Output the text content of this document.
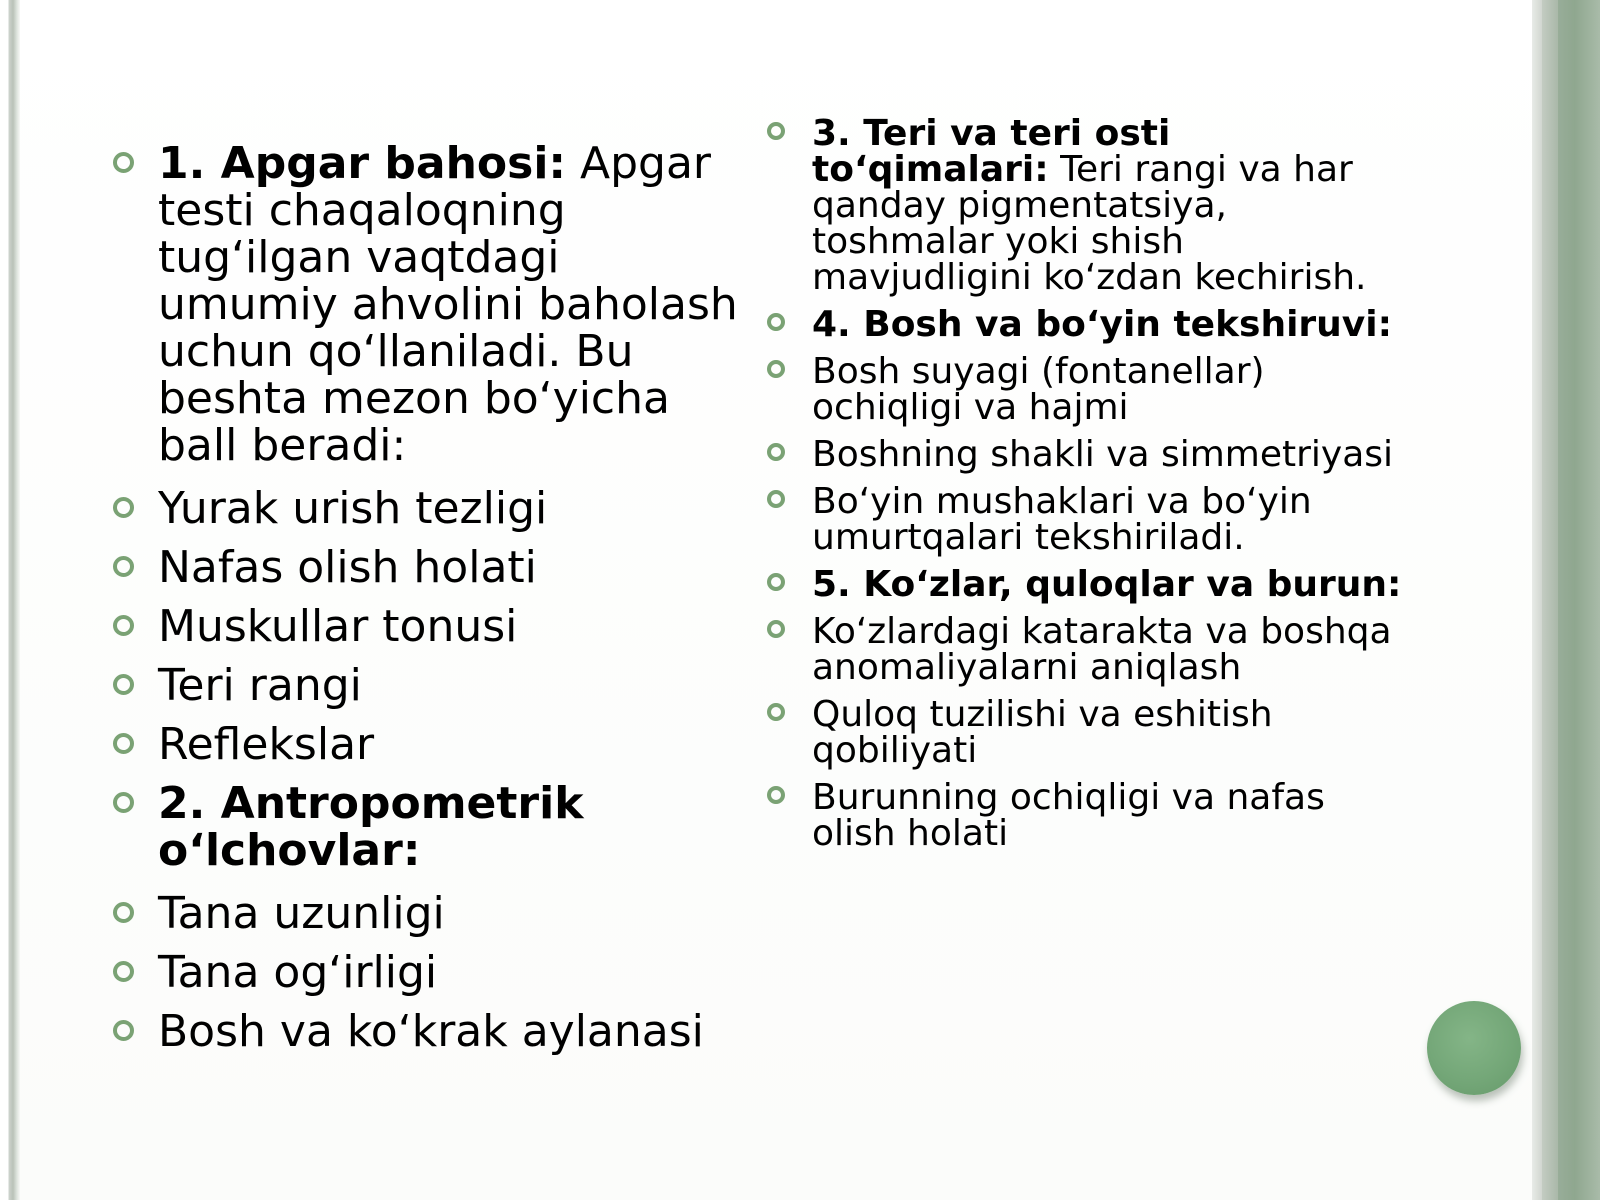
1. Apgar bahosi: Apgar testi chaqaloqning tug‘ilgan vaqtdagi umumiy ahvolini baholash uchun qo‘llaniladi. Bu beshta mezon bo‘yicha ball beradi:
Yurak urish tezligi
Nafas olish holati
Muskullar tonusi
Teri rangi
Reflekslar
2. Antropometrik o‘lchovlar:
Tana uzunligi
Tana og‘irligi
Bosh va ko‘krak aylanasi
3. Teri va teri osti to‘qimalari: Teri rangi va har qanday pigmentatsiya, toshmalar yoki shish mavjudligini ko‘zdan kechirish.
4. Bosh va bo‘yin tekshiruvi:
Bosh suyagi (fontanellar) ochiqligi va hajmi
Boshning shakli va simmetriyasi
Bo‘yin mushaklari va bo‘yin umurtqalari tekshiriladi.
5. Ko‘zlar, quloqlar va burun:
Ko‘zlardagi katarakta va boshqa anomaliyalarni aniqlash
Quloq tuzilishi va eshitish qobiliyati
Burunning ochiqligi va nafas olish holati
